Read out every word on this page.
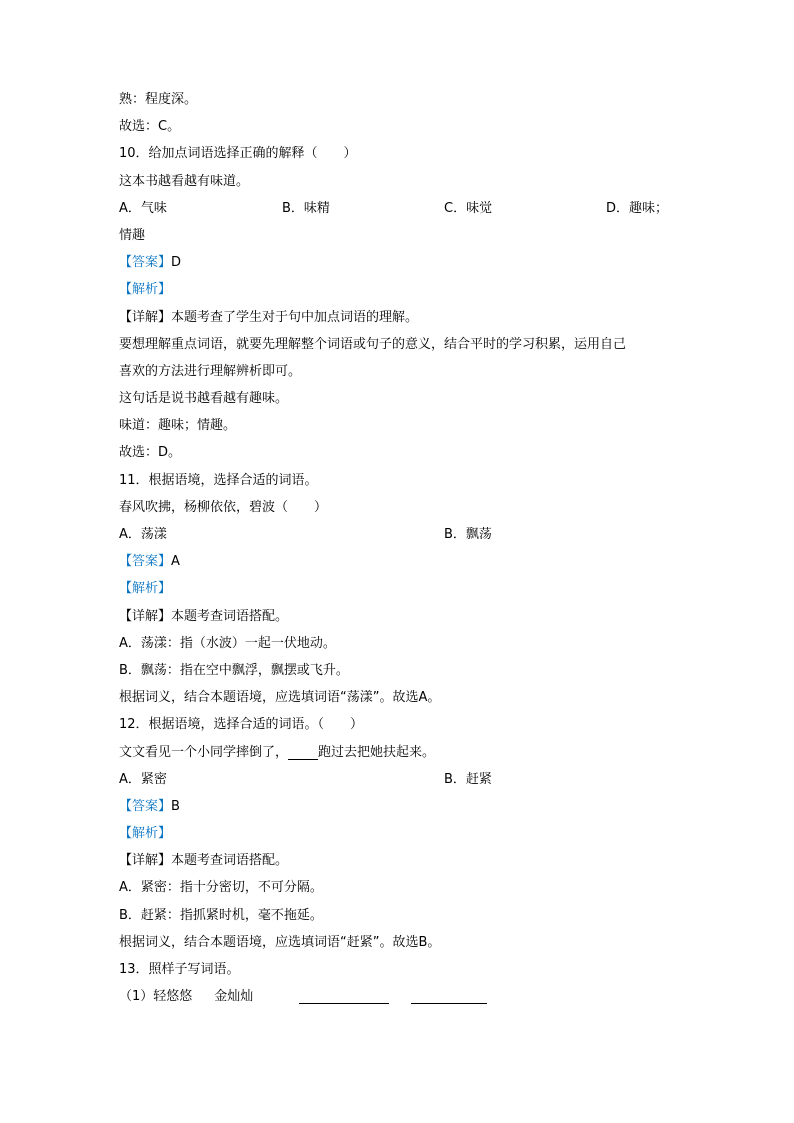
熟：程度深。
故选：C。
10．给加点词语选择正确的解释（　　）
这本书越看越有味道。
A．气味	B．味精	C．味觉	D．趣味；
情趣
【答案】D
【解析】
【详解】本题考查了学生对于句中加点词语的理解。
要想理解重点词语，就要先理解整个词语或句子的意义，结合平时的学习积累，运用自己
喜欢的方法进行理解辨析即可。
这句话是说书越看越有趣味。
味道：趣味；情趣。
故选：D。
11．根据语境，选择合适的词语。
春风吹拂，杨柳依依，碧波（　　）
A．荡漾	B．飘荡
【答案】A
【解析】
【详解】本题考查词语搭配。
A．荡漾：指（水波）一起一伏地动。
B．飘荡：指在空中飘浮，飘摆或飞升。
根据词义，结合本题语境，应选填词语“荡漾”。故选A。
12．根据语境，选择合适的词语。（　　）
文文看见一个小同学摔倒了， 跑过去把她扶起来。
A．紧密	B．赶紧
【答案】B
【解析】
【详解】本题考查词语搭配。
A．紧密：指十分密切，不可分隔。
B．赶紧：指抓紧时机，毫不拖延。
根据词义，结合本题语境，应选填词语“赶紧”。故选B。
13．照样子写词语。
（1）轻悠悠 金灿灿
